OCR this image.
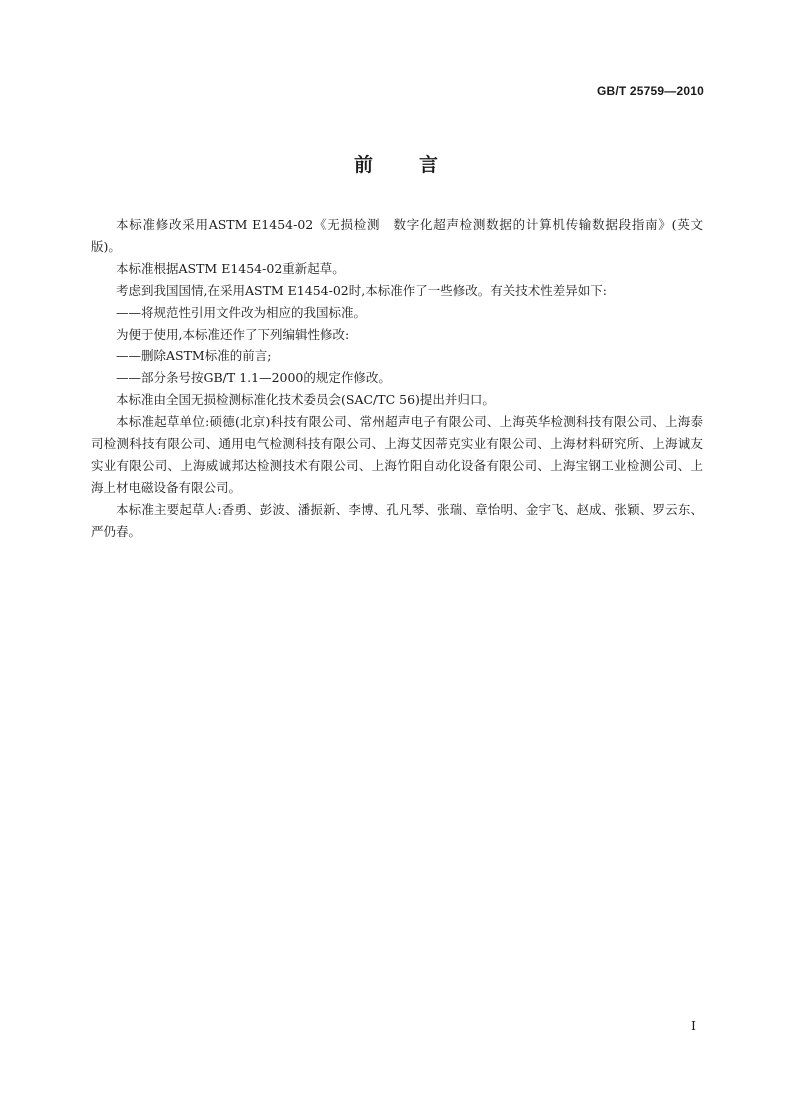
GB/T 25759—2010
前言

本标准修改采用ASTM E1454-02《无损检测　数字化超声检测数据的计算机传输数据段指南》(英文版)。

本标准根据ASTM E1454-02重新起草。

考虑到我国国情,在采用ASTM E1454-02时,本标准作了一些修改。有关技术性差异如下:

——将规范性引用文件改为相应的我国标准。

为便于使用,本标准还作了下列编辑性修改:

——删除ASTM标准的前言;

——部分条号按GB/T 1.1—2000的规定作修改。

本标准由全国无损检测标准化技术委员会(SAC/TC 56)提出并归口。

本标准起草单位:硕德(北京)科技有限公司、常州超声电子有限公司、上海英华检测科技有限公司、上海泰司检测科技有限公司、通用电气检测科技有限公司、上海艾因蒂克实业有限公司、上海材料研究所、上海诚友实业有限公司、上海威诚邦达检测技术有限公司、上海竹阳自动化设备有限公司、上海宝钢工业检测公司、上海上材电磁设备有限公司。

本标准主要起草人:香勇、彭波、潘振新、李博、孔凡琴、张瑞、章怡明、金宇飞、赵成、张颖、罗云东、严仍春。

I
